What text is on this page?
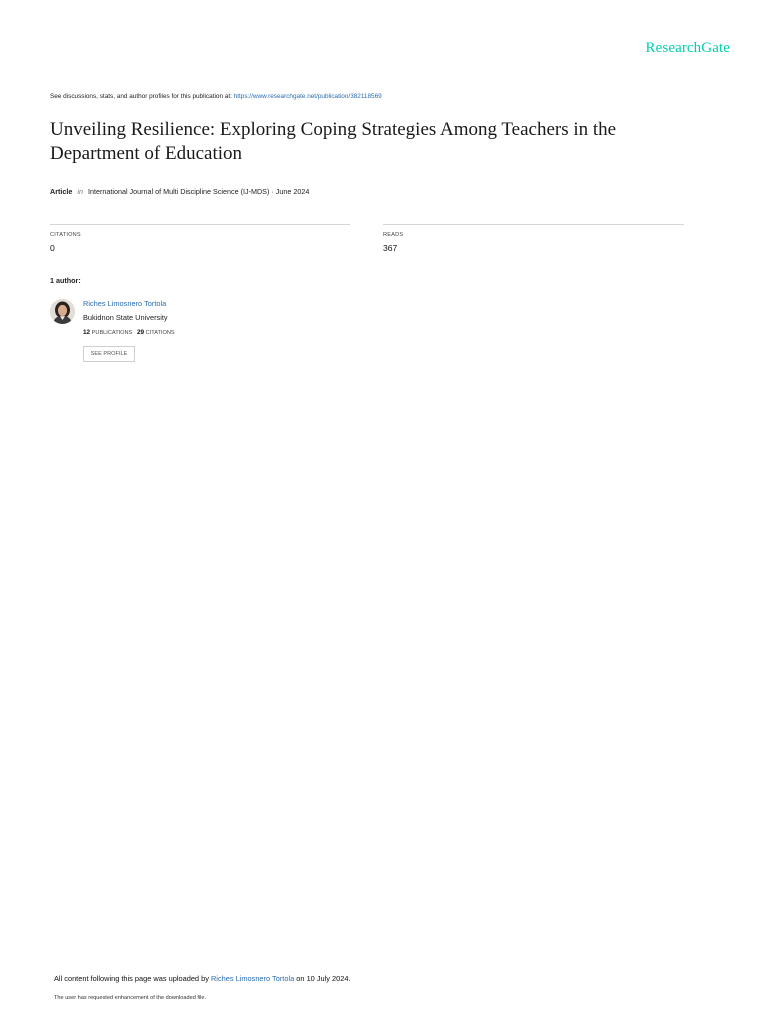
ResearchGate
See discussions, stats, and author profiles for this publication at: https://www.researchgate.net/publication/382118569
Unveiling Resilience: Exploring Coping Strategies Among Teachers in the Department of Education
Article in International Journal of Multi Discipline Science (IJ-MDS) · June 2024
CITATIONS
0
READS
367
1 author:
Riches Limosnero Tortola
Bukidnon State University
12 PUBLICATIONS 29 CITATIONS
SEE PROFILE
All content following this page was uploaded by Riches Limosnero Tortola on 10 July 2024.
The user has requested enhancement of the downloaded file.
